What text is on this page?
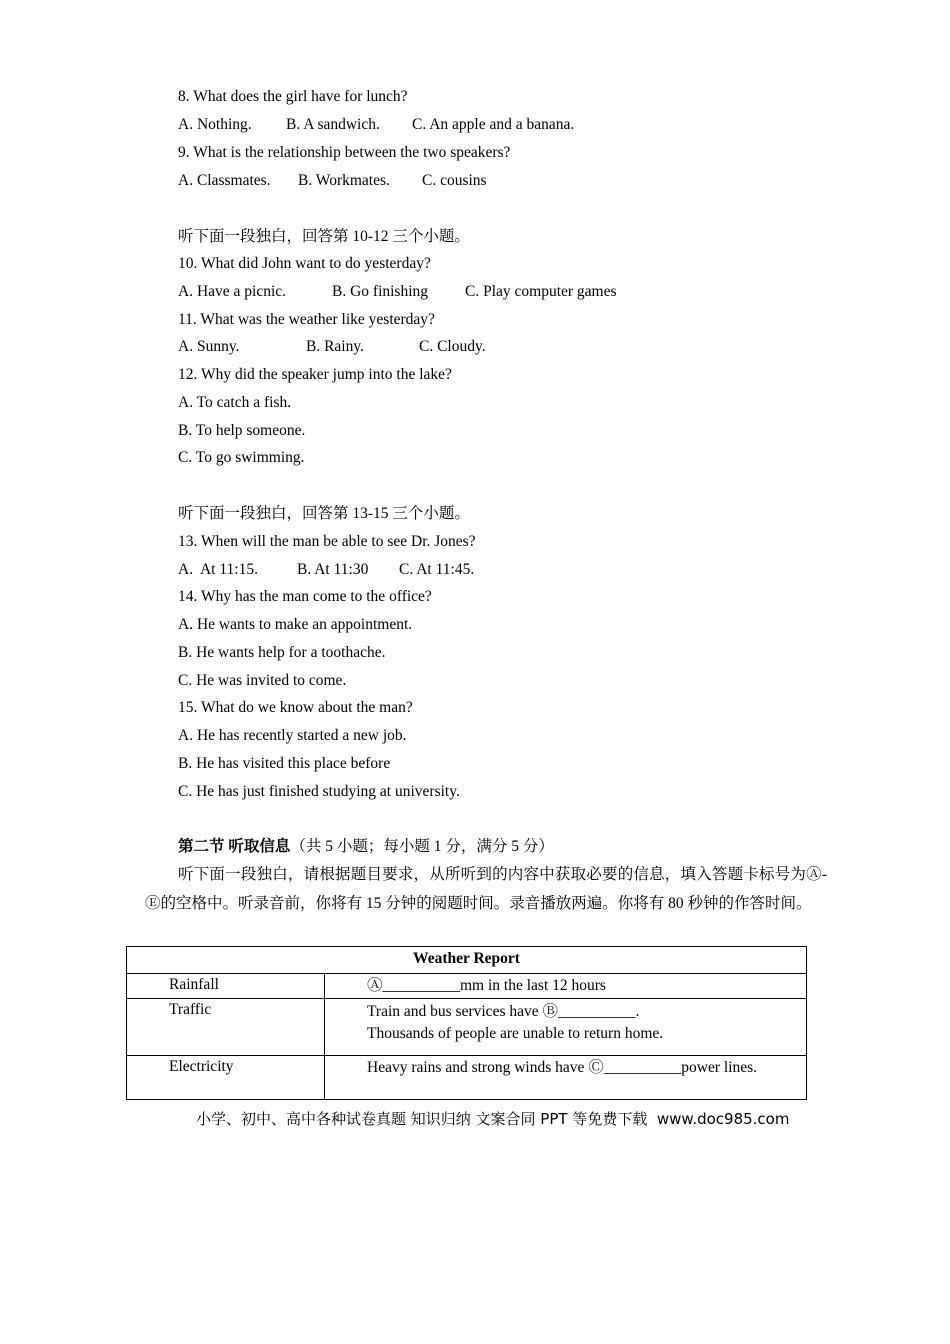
8. What does the girl have for lunch?
A. Nothing. B. A sandwich. C. An apple and a banana.
9. What is the relationship between the two speakers?
A. Classmates. B. Workmates. C. cousins
听下面一段独白，回答第 10-12 三个小题。
10. What did John want to do yesterday?
A. Have a picnic.	B. Go finishing C. Play computer games
11. What was the weather like yesterday?
A. Sunny.	B. Rainy.	C. Cloudy.
12. Why did the speaker jump into the lake?
A. To catch a fish.
B. To help someone.
C. To go swimming.
听下面一段独白，回答第 13-15 三个小题。
13. When will the man be able to see Dr. Jones?
A.  At 11:15.	B. At 11:30 C. At 11:45.
14. Why has the man come to the office?
A. He wants to make an appointment.
B. He wants help for a toothache.
C. He was invited to come.
15. What do we know about the man?
A. He has recently started a new job.
B. He has visited this place before
C. He has just finished studying at university.
第二节 听取信息（共 5 小题；每小题 1 分，满分 5 分）
听下面一段独白，请根据题目要求，从所听到的内容中获取必要的信息，填入答题卡标号为Ⓐ-Ⓔ的空格中。听录音前，你将有 15 分钟的阅题时间。录音播放两遍。你将有 80 秒钟的作答时间。
Weather Report	
Rainfall	Ⓐ__________mm in the last 12 hours

Traffic	Train and bus services have Ⓑ__________.
Thousands of people are unable to return home.

Electricity	Heavy rains and strong winds have Ⓒ__________power lines.
小学、初中、高中各种试卷真题 知识归纳 文案合同 PPT 等免费下载 www.doc985.com
